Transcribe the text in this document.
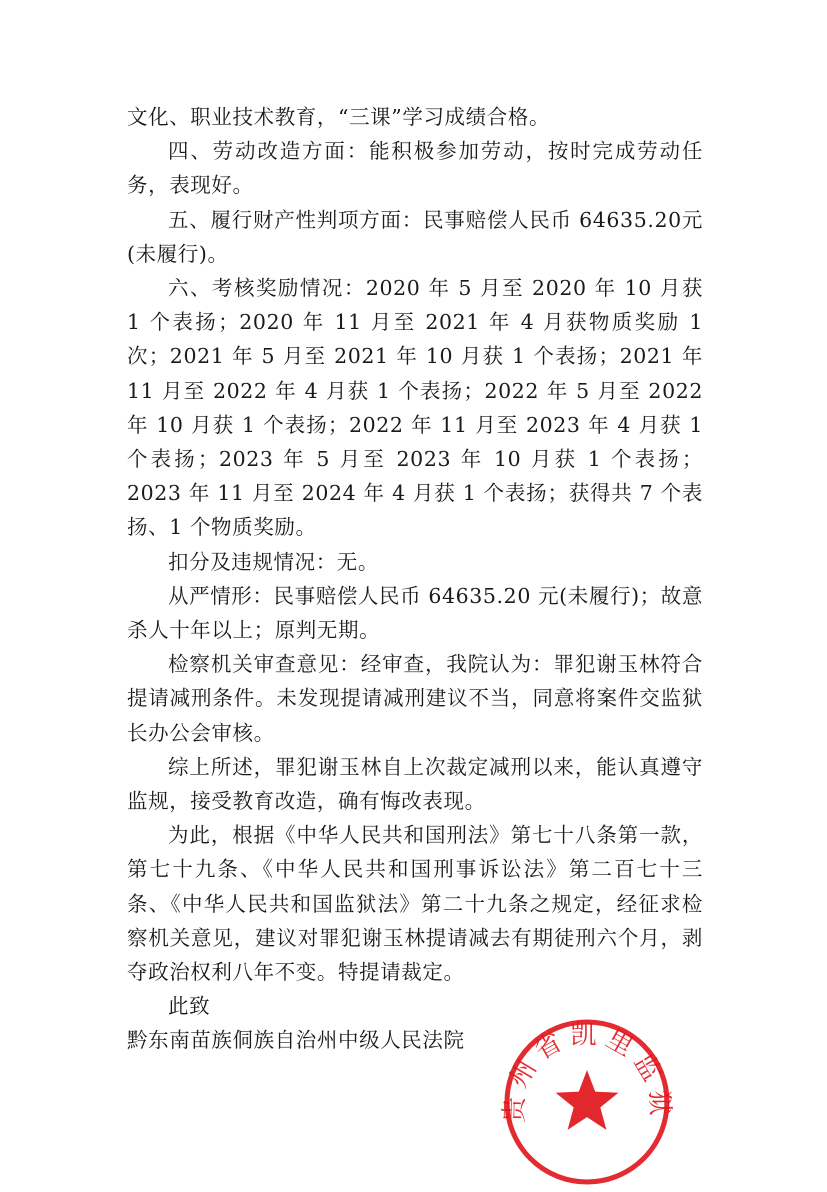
文化、职业技术教育，“三课”学习成绩合格。

四、劳动改造方面：能积极参加劳动，按时完成劳动任务，表现好。

五、履行财产性判项方面：民事赔偿人民币 64635.20元(未履行)。

六、考核奖励情况：2020 年 5 月至 2020 年 10 月获 1 个表扬；2020 年 11 月至 2021 年 4 月获物质奖励 1 次；2021 年 5 月至 2021 年 10 月获 1 个表扬；2021 年 11 月至 2022 年 4 月获 1 个表扬；2022 年 5 月至 2022 年 10 月获 1 个表扬；2022 年 11 月至 2023 年 4 月获 1 个表扬；2023 年 5 月至 2023 年 10 月获 1 个表扬；2023 年 11 月至 2024 年 4 月获 1 个表扬；获得共 7 个表扬、1 个物质奖励。

扣分及违规情况：无。

从严情形：民事赔偿人民币 64635.20 元(未履行)；故意杀人十年以上；原判无期。

检察机关审查意见：经审查，我院认为：罪犯谢玉林符合提请减刑条件。未发现提请减刑建议不当，同意将案件交监狱长办公会审核。

综上所述，罪犯谢玉林自上次裁定减刑以来，能认真遵守监规，接受教育改造，确有悔改表现。

为此，根据《中华人民共和国刑法》第七十八条第一款，第七十九条、《中华人民共和国刑事诉讼法》第二百七十三条、《中华人民共和国监狱法》第二十九条之规定，经征求检察机关意见，建议对罪犯谢玉林提请减去有期徒刑六个月，剥夺政治权利八年不变。特提请裁定。

此致

黔东南苗族侗族自治州中级人民法院

贵州省凯里监狱
